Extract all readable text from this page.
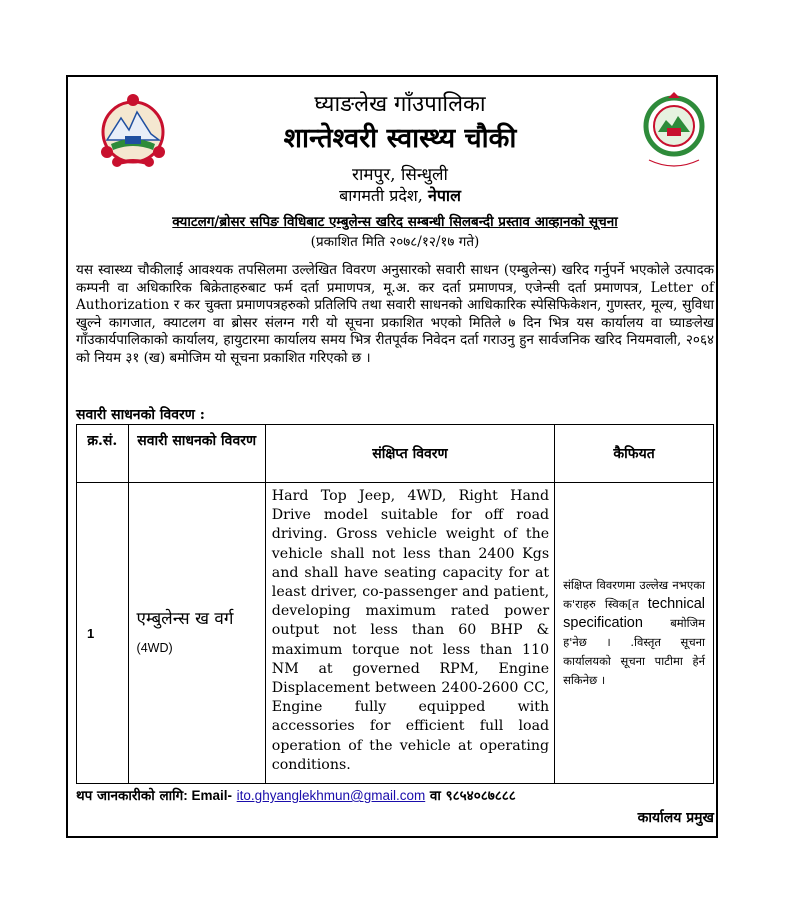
घ्याङलेख गाँउपालिका
शान्तेश्वरी स्वास्थ्य चौकी
रामपुर, सिन्धुली
बागमती प्रदेश, नेपाल
क्याटलग/ब्रोसर सपिङ विधिबाट एम्बुलेन्स खरिद सम्बन्धी सिलबन्दी प्रस्ताव आव्हानको सूचना
(प्रकाशित मिति २०७८/१२/१७ गते)
यस स्वास्थ्य चौकीलाई आवश्यक तपसिलमा उल्लेखित विवरण अनुसारको सवारी साधन (एम्बुलेन्स) खरिद गर्नुपर्ने भएकोले उत्पादक कम्पनी वा अधिकारिक बिक्रेताहरुबाट फर्म दर्ता प्रमाणपत्र, मू.अ. कर दर्ता प्रमाणपत्र, एजेन्सी दर्ता प्रमाणपत्र, Letter of Authorization र कर चुक्ता प्रमाणपत्रहरुको प्रतिलिपि तथा सवारी साधनको आधिकारिक स्पेसिफिकेशन, गुणस्तर, मूल्य, सुविधा खुल्ने कागजात, क्याटलग वा ब्रोसर संलग्न गरी यो सूचना प्रकाशित भएको मितिले ७ दिन भित्र यस कार्यालय वा घ्याङलेख गाँउकार्यपालिकाको कार्यालय, हायुटारमा कार्यालय समय भित्र रीतपूर्वक निवेदन दर्ता गराउनु हुन सार्वजनिक खरिद नियमवाली, २०६४ को नियम ३१ (ख) बमोजिम यो सूचना प्रकाशित गरिएको छ ।
सवारी साधनको विवरण :
क्र.सं.	सवारी साधनको विवरण	संक्षिप्त विवरण	कैफियत
1	एम्बुलेन्स ख वर्ग (4WD)	Hard Top Jeep, 4WD, Right Hand Drive model suitable for off road driving. Gross vehicle weight of the vehicle shall not less than 2400 Kgs and shall have seating capacity for at least driver, co-passenger and patient, developing maximum rated power output not less than 60 BHP & maximum torque not less than 110 NM at governed RPM, Engine Displacement between 2400-2600 CC, Engine fully equipped with accessories for efficient full load operation of the vehicle at operating conditions.	संक्षिप्त विवरणमा उल्लेख नभएका क'राहरु स्विक[त technical specification बमोजिम ह'नेछ । .विस्तृत सूचना कार्यालयको सूचना पाटीमा हेर्न सकिनेछ ।
थप जानकारीको लागि: Email- ito.ghyanglekhmun@gmail.com वा ९८५४०८७८८८
कार्यालय प्रमुख
